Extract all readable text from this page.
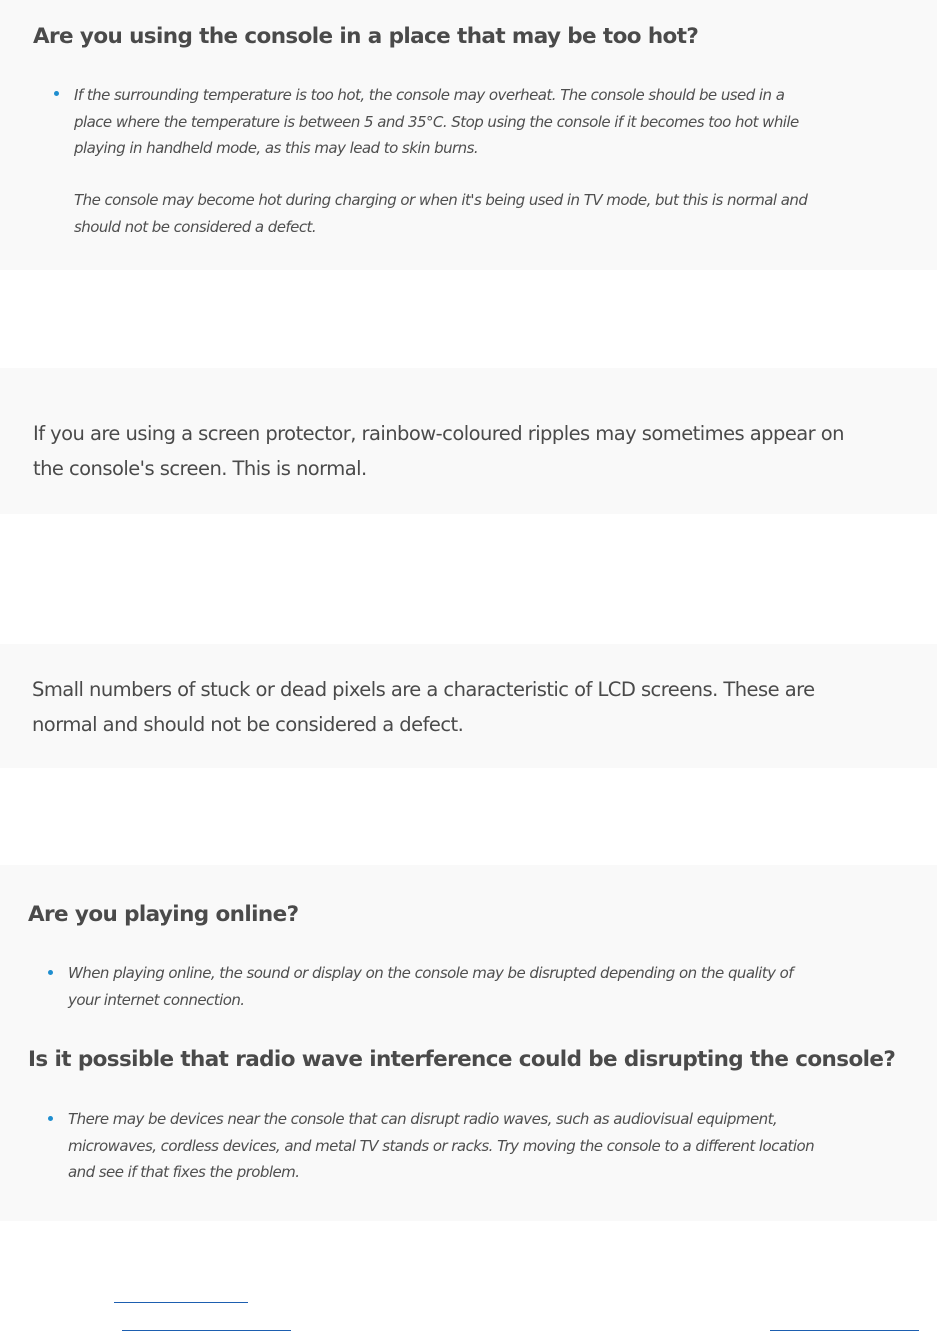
Are you using the console in a place that may be too hot?

If the surrounding temperature is too hot, the console may overheat. The console should be used in a
place where the temperature is between 5 and 35°C. Stop using the console if it becomes too hot while
playing in handheld mode, as this may lead to skin burns.

The console may become hot during charging or when it's being used in TV mode, but this is normal and
should not be considered a defect.

If you are using a screen protector, rainbow-coloured ripples may sometimes appear on
the console's screen. This is normal.

Small numbers of stuck or dead pixels are a characteristic of LCD screens. These are
normal and should not be considered a defect.

Are you playing online?

When playing online, the sound or display on the console may be disrupted depending on the quality of
your internet connection.

Is it possible that radio wave interference could be disrupting the console?

There may be devices near the console that can disrupt radio waves, such as audiovisual equipment,
microwaves, cordless devices, and metal TV stands or racks. Try moving the console to a different location
and see if that fixes the problem.
